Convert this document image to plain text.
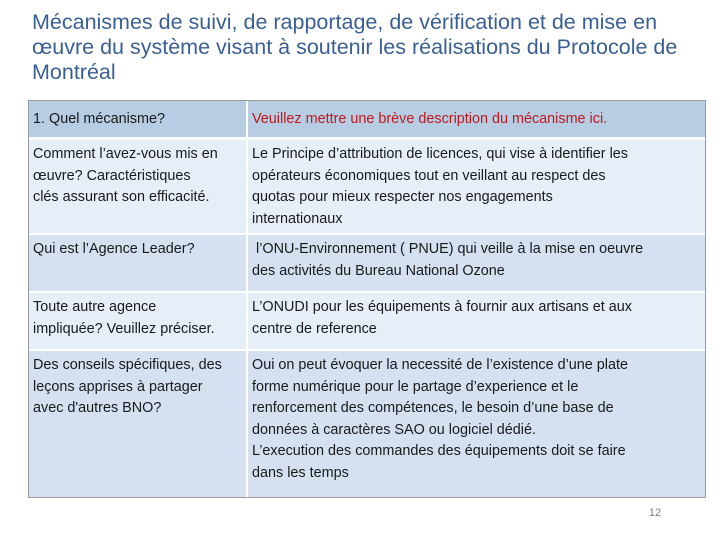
Mécanismes de suivi, de rapportage, de vérification et de mise en
œuvre du système visant à soutenir les réalisations du Protocole de
Montréal
1. Quel mécanisme?	Veuillez mettre une brève description du mécanisme ici.
Comment l’avez-vous mis en
œuvre? Caractéristiques
clés assurant son efficacité.
Le Principe d’attribution de licences, qui vise à identifier les
opérateurs économiques tout en veillant au respect des
quotas pour mieux respecter nos engagements
internationaux
Qui est l’Agence Leader?	l’ONU-Environnement ( PNUE) qui veille à la mise en oeuvre
des activités du Bureau National Ozone
Toute autre agence
impliquée? Veuillez préciser.
L’ONUDI pour les équipements à fournir aux artisans et aux
centre de reference
Des conseils spécifiques, des
leçons apprises à partager
avec d'autres BNO?
Oui on peut évoquer la necessité de l’existence d’une plate
forme numérique pour le partage d’experience et le
renforcement des compétences, le besoin d’une base de
données à caractères SAO ou logiciel dédié.
L’execution des commandes des équipements doit se faire
dans les temps
12
